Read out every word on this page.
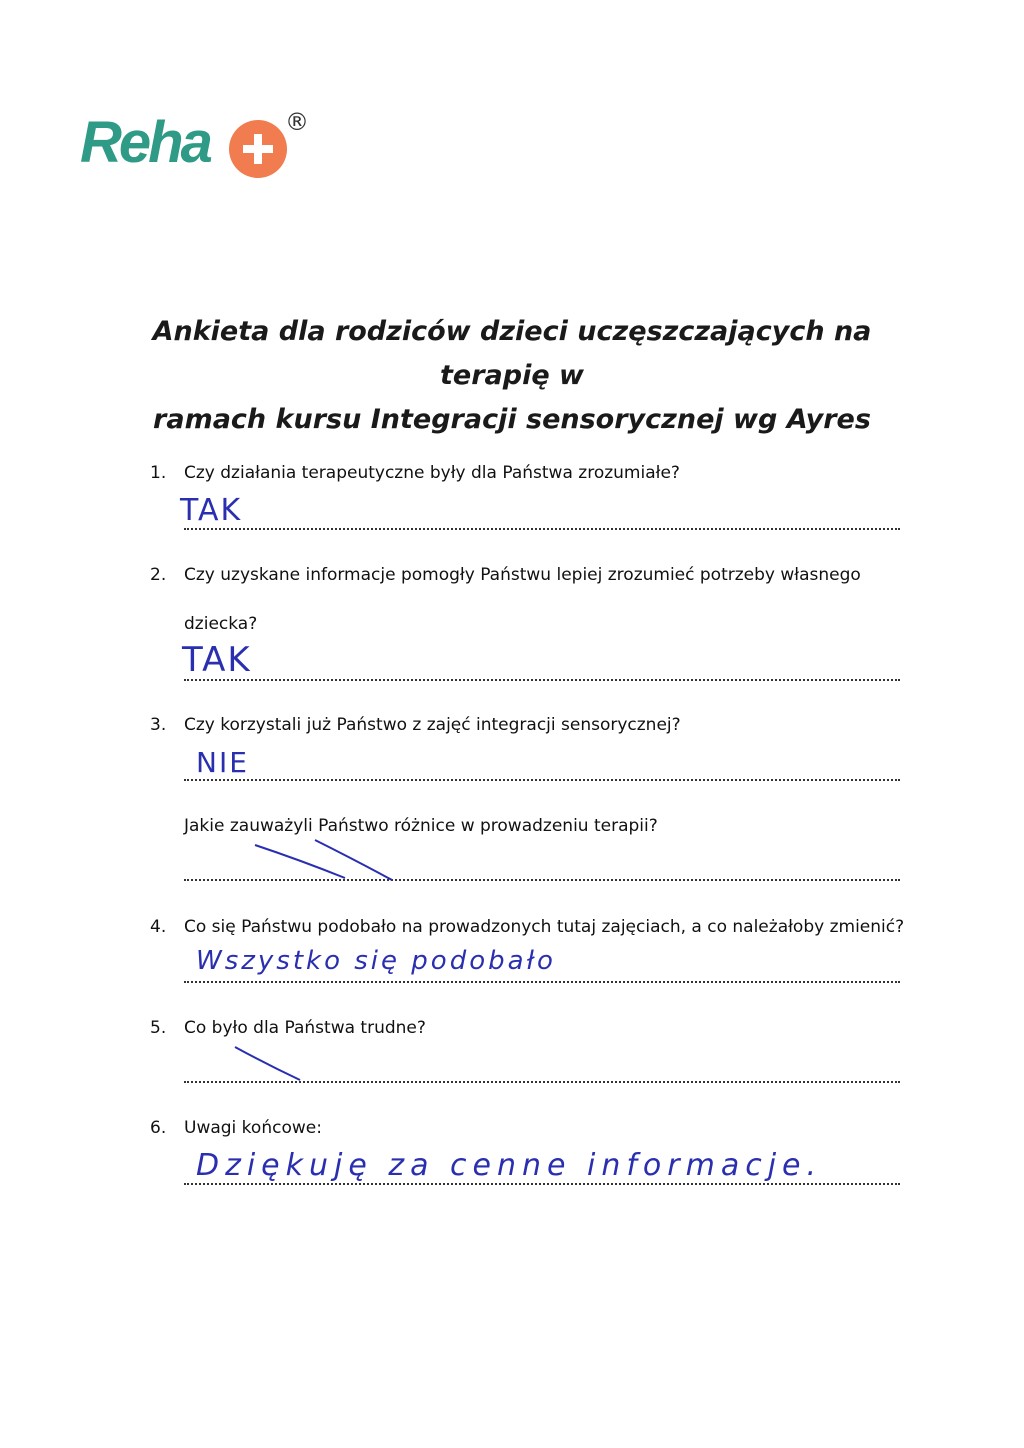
Reha	®
Ankieta dla rodziców dzieci uczęszczających na terapię w
ramach kursu Integracji sensorycznej wg Ayres
1.	Czy działania terapeutyczne były dla Państwa zrozumiałe?
TAK
2.	Czy uzyskane informacje pomogły Państwu lepiej zrozumieć potrzeby własnego
dziecka?
TAK
3.	Czy korzystali już Państwo z zajęć integracji sensorycznej?
NIE
Jakie zauważyli Państwo różnice w prowadzeniu terapii?
4.	Co się Państwu podobało na prowadzonych tutaj zajęciach, a co należałoby zmienić?
Wszystko się podobało
5.	Co było dla Państwa trudne?
6.	Uwagi końcowe:
Dziękuję za cenne informacje.
